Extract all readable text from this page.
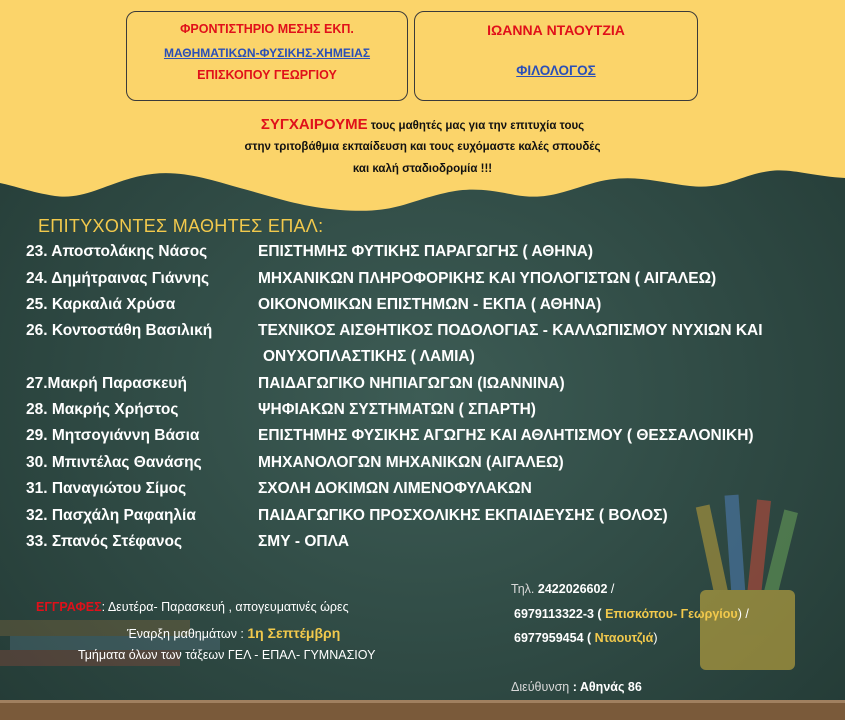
ΦΡΟΝΤΙΣΤΗΡΙΟ ΜΕΣΗΣ ΕΚΠ.
ΜΑΘΗΜΑΤΙΚΩΝ-ΦΥΣΙΚΗΣ-ΧΗΜΕΙΑΣ
ΕΠΙΣΚΟΠΟΥ ΓΕΩΡΓΙΟΥ
ΙΩΑΝΝΑ ΝΤΑΟΥΤΖΙΑ
ΦΙΛΟΛΟΓΟΣ
ΣΥΓΧΑΙΡΟΥΜΕ τους μαθητές μας για την επιτυχία τους
στην τριτοβάθμια εκπαίδευση και τους ευχόμαστε καλές σπουδές
και καλή σταδιοδρομία !!!
ΕΠΙΤΥΧΟΝΤΕΣ ΜΑΘΗΤΕΣ ΕΠΑΛ:
23. Αποστολάκης Νάσος	ΕΠΙΣΤΗΜΗΣ ΦΥΤΙΚΗΣ ΠΑΡΑΓΩΓΗΣ ( ΑΘΗΝΑ)
24. Δημήτραινας Γιάννης	ΜΗΧΑΝΙΚΩΝ ΠΛΗΡΟΦΟΡΙΚΗΣ ΚΑΙ ΥΠΟΛΟΓΙΣΤΩΝ ( ΑΙΓΑΛΕΩ)
25. Καρκαλιά Χρύσα	ΟΙΚΟΝΟΜΙΚΩΝ ΕΠΙΣΤΗΜΩΝ - ΕΚΠΑ ( ΑΘΗΝΑ)
26. Κοντοστάθη Βασιλική	ΤΕΧΝΙΚΟΣ ΑΙΣΘΗΤΙΚΟΣ ΠΟΔΟΛΟΓΙΑΣ - ΚΑΛΛΩΠΙΣΜΟΥ ΝΥΧΙΩΝ ΚΑΙ
ΟΝΥΧΟΠΛΑΣΤΙΚΗΣ ( ΛΑΜΙΑ)
27.Μακρή Παρασκευή	ΠΑΙΔΑΓΩΓΙΚΟ ΝΗΠΙΑΓΩΓΩΝ (ΙΩΑΝΝΙΝΑ)
28. Μακρής Χρήστος	ΨΗΦΙΑΚΩΝ ΣΥΣΤΗΜΑΤΩΝ ( ΣΠΑΡΤΗ)
29. Μητσογιάννη Βάσια	ΕΠΙΣΤΗΜΗΣ ΦΥΣΙΚΗΣ ΑΓΩΓΗΣ ΚΑΙ ΑΘΛΗΤΙΣΜΟΥ ( ΘΕΣΣΑΛΟΝΙΚΗ)
30. Μπιντέλας Θανάσης	ΜΗΧΑΝΟΛΟΓΩΝ ΜΗΧΑΝΙΚΩΝ (ΑΙΓΑΛΕΩ)
31. Παναγιώτου Σίμος	ΣΧΟΛΗ ΔΟΚΙΜΩΝ ΛΙΜΕΝΟΦΥΛΑΚΩΝ
32. Πασχάλη Ραφαηλία	ΠΑΙΔΑΓΩΓΙΚΟ ΠΡΟΣΧΟΛΙΚΗΣ ΕΚΠΑΙΔΕΥΣΗΣ ( ΒΟΛΟΣ)
33. Σπανός Στέφανος	ΣΜΥ - ΟΠΛΑ
ΕΓΓΡΑΦΕΣ: Δευτέρα- Παρασκευή , απογευματινές ώρες
Έναρξη μαθημάτων : 1η Σεπτέμβρη
Τμήματα όλων των τάξεων ΓΕΛ - ΕΠΑΛ- ΓΥΜΝΑΣΙΟΥ
Τηλ. 2422026602 /
6979113322-3 ( Επισκόπου- Γεωργίου) /
6977959454 ( Νταουτζιά)
Διεύθυνση : Αθηνάς 86
